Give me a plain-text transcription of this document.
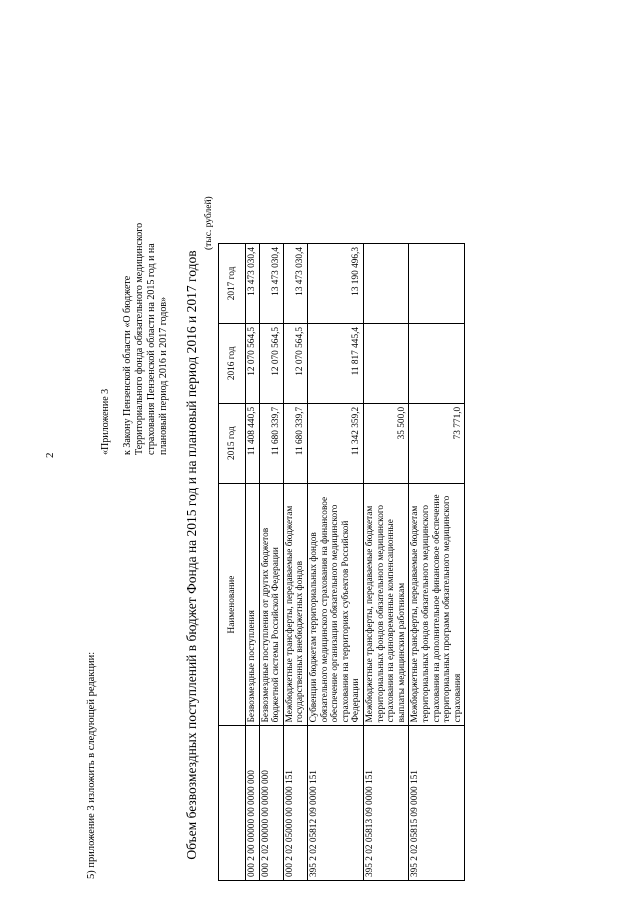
2
5) приложение 3 изложить в следующей редакции:
«Приложение 3 к Закону Пензенской области «О бюджете Территориального фонда обязательного медицинского страхования Пензенской области на 2015 год и на плановый период 2016 и 2017 годов» Объем безвозмездных поступлений в бюджет Фонда на 2015 год и на плановый период 2016 и 2017 годов
(тыс. рублей)
	Наименование	2015 год	2016 год	2017 год
000 2 00 00000 00 0000 000	Безвозмездные поступления	11 408 440,5	12 070 564,5	13 473 030,4
000 2 02 00000 00 0000 000	Безвозмездные поступления от других бюджетов бюджетной системы Российской Федерации	11 680 339,7	12 070 564,5	13 473 030,4
000 2 02 05000 00 0000 151	Межбюджетные трансферты, передаваемые бюджетам государственных внебюджетных фондов	11 680 339,7	12 070 564,5	13 473 030,4
395 2 02 05812 09 0000 151	Субвенции бюджетам территориальных фондов обязательного медицинского страхования на финансовое обеспечение организации обязательного медицинского страхования на территориях субъектов Российской Федерации	11 342 359,2	11 817 445,4	13 190 496,3
395 2 02 05813 09 0000 151	Межбюджетные трансферты, передаваемые бюджетам территориальных фондов обязательного медицинского страхования на единовременные компенсационные выплаты медицинским работникам	35 500,0		
395 2 02 05815 09 0000 151	Межбюджетные трансферты, передаваемые бюджетам территориальных фондов обязательного медицинского страхования на дополнительное финансовое обеспечение территориальных программ обязательного медицинского страхования	73 771,0		
